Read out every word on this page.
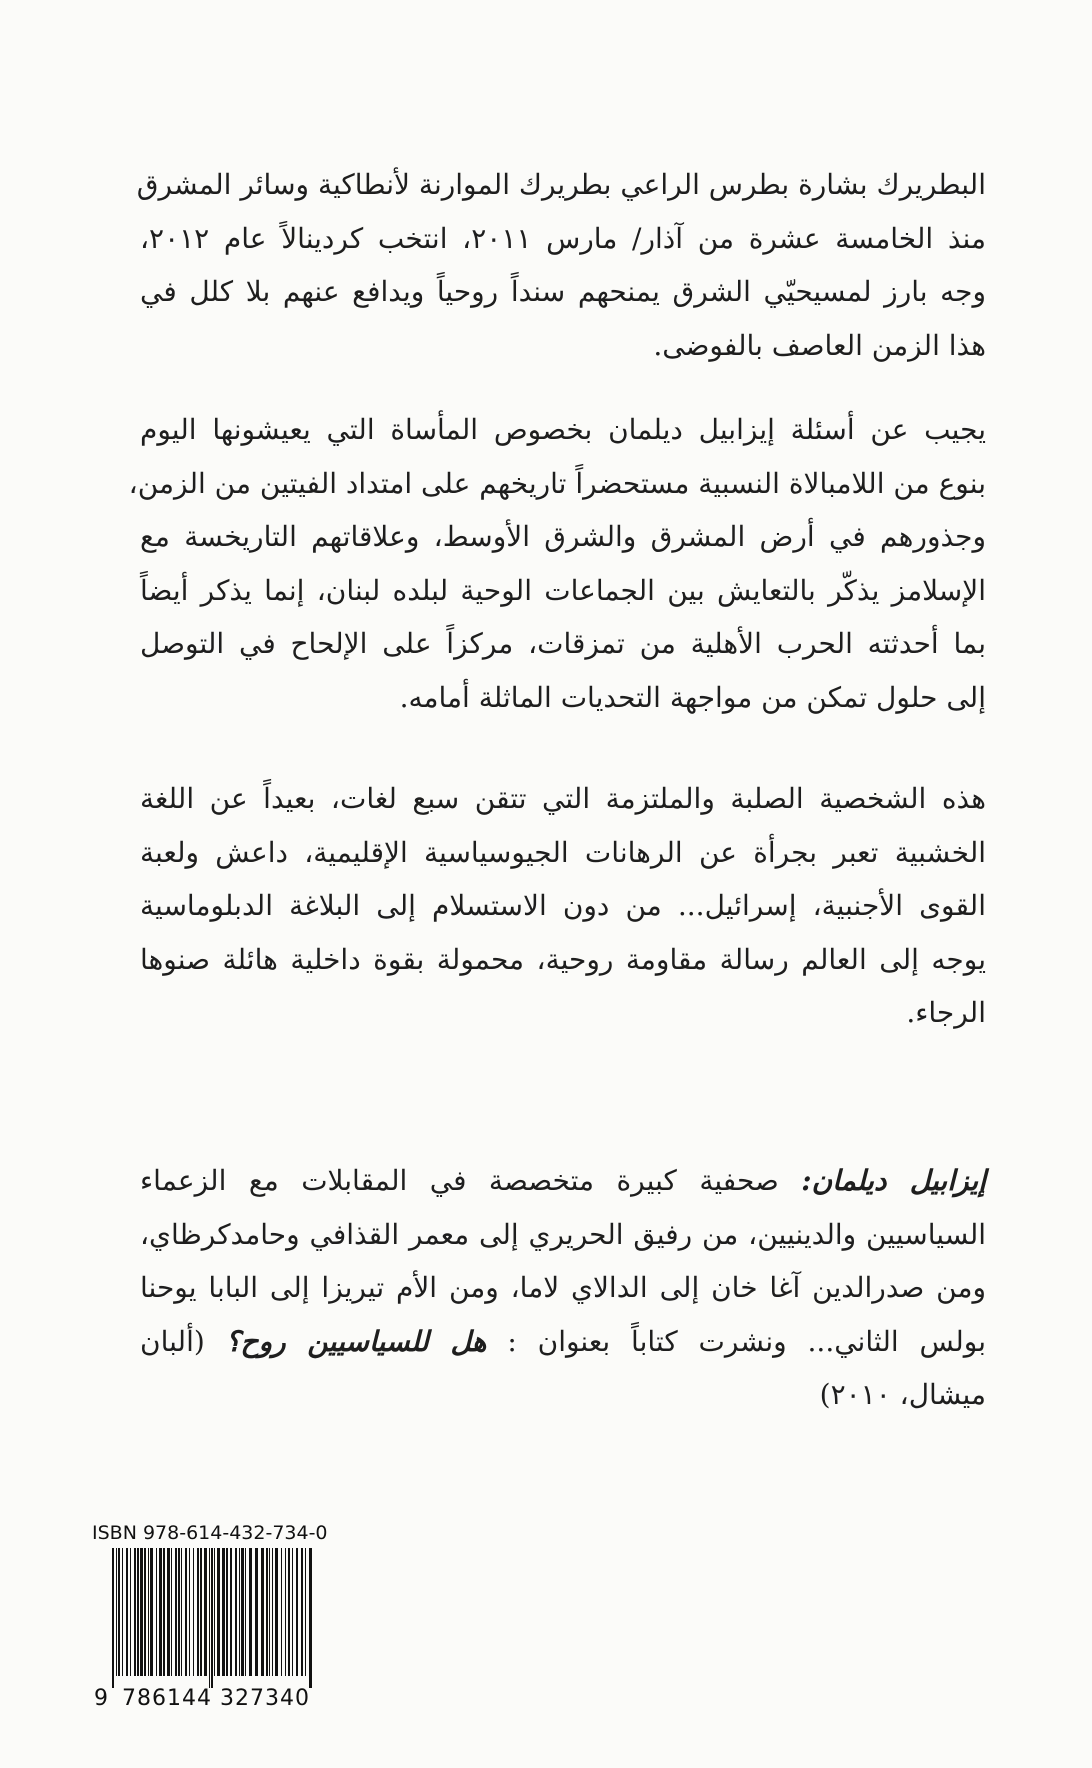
البطريرك بشارة بطرس الراعي بطريرك الموارنة لأنطاكية وسائر المشرق
منذ الخامسة عشرة من آذار/ مارس ٢٠١١، انتخب كردينالاً عام ٢٠١٢،
وجه بارز لمسيحيّي الشرق يمنحهم سنداً روحياً ويدافع عنهم بلا كلل في
هذا الزمن العاصف بالفوضى.
يجيب عن أسئلة إيزابيل ديلمان بخصوص المأساة التي يعيشونها اليوم
بنوع من اللامبالاة النسبية مستحضراً تاريخهم على امتداد الفيتين من الزمن،
وجذورهم في أرض المشرق والشرق الأوسط، وعلاقاتهم التاريخسة مع
الإسلامز يذكّر بالتعايش بين الجماعات الوحية لبلده لبنان، إنما يذكر أيضاً
بما أحدثته الحرب الأهلية من تمزقات، مركزاً على الإلحاح في التوصل
إلى حلول تمكن من مواجهة التحديات الماثلة أمامه.
هذه الشخصية الصلبة والملتزمة التي تتقن سبع لغات، بعيداً عن اللغة
الخشبية تعبر بجرأة عن الرهانات الجيوسياسية الإقليمية، داعش ولعبة
القوى الأجنبية، إسرائيل... من دون الاستسلام إلى البلاغة الدبلوماسية
يوجه إلى العالم رسالة مقاومة روحية، محمولة بقوة داخلية هائلة صنوها
الرجاء.
إيزابيل ديلمان: صحفية كبيرة متخصصة في المقابلات مع الزعماء
السياسيين والدينيين، من رفيق الحريري إلى معمر القذافي وحامدكرظاي،
ومن صدرالدين آغا خان إلى الدالاي لاما، ومن الأم تيريزا إلى البابا يوحنا
بولس الثاني... ونشرت كتاباً بعنوان : هل للسياسيين روح؟ (ألبان
ميشال، ٢٠١٠)
ISBN 978-614-432-734-0
9 786144 327340
